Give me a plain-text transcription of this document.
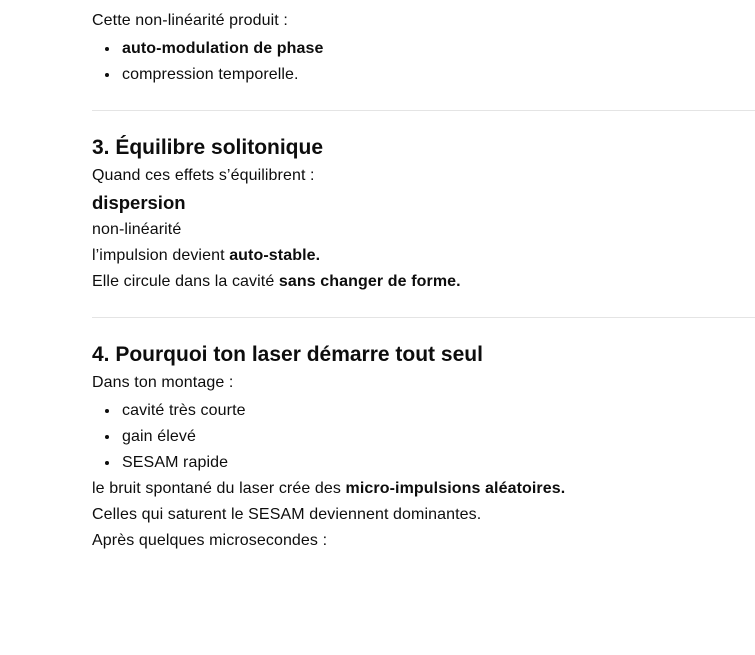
Cette non-linéarité produit :

• auto-modulation de phase
• compression temporelle.
3. Équilibre solitonique

Quand ces effets s’équilibrent :

dispersion

non-linéarité

l’impulsion devient auto-stable.

Elle circule dans la cavité sans changer de forme.

4. Pourquoi ton laser démarre tout seul

Dans ton montage :

• cavité très courte
• gain élevé
• SESAM rapide

le bruit spontané du laser crée des micro-impulsions aléatoires.

Celles qui saturent le SESAM deviennent dominantes.

Après quelques microsecondes :
